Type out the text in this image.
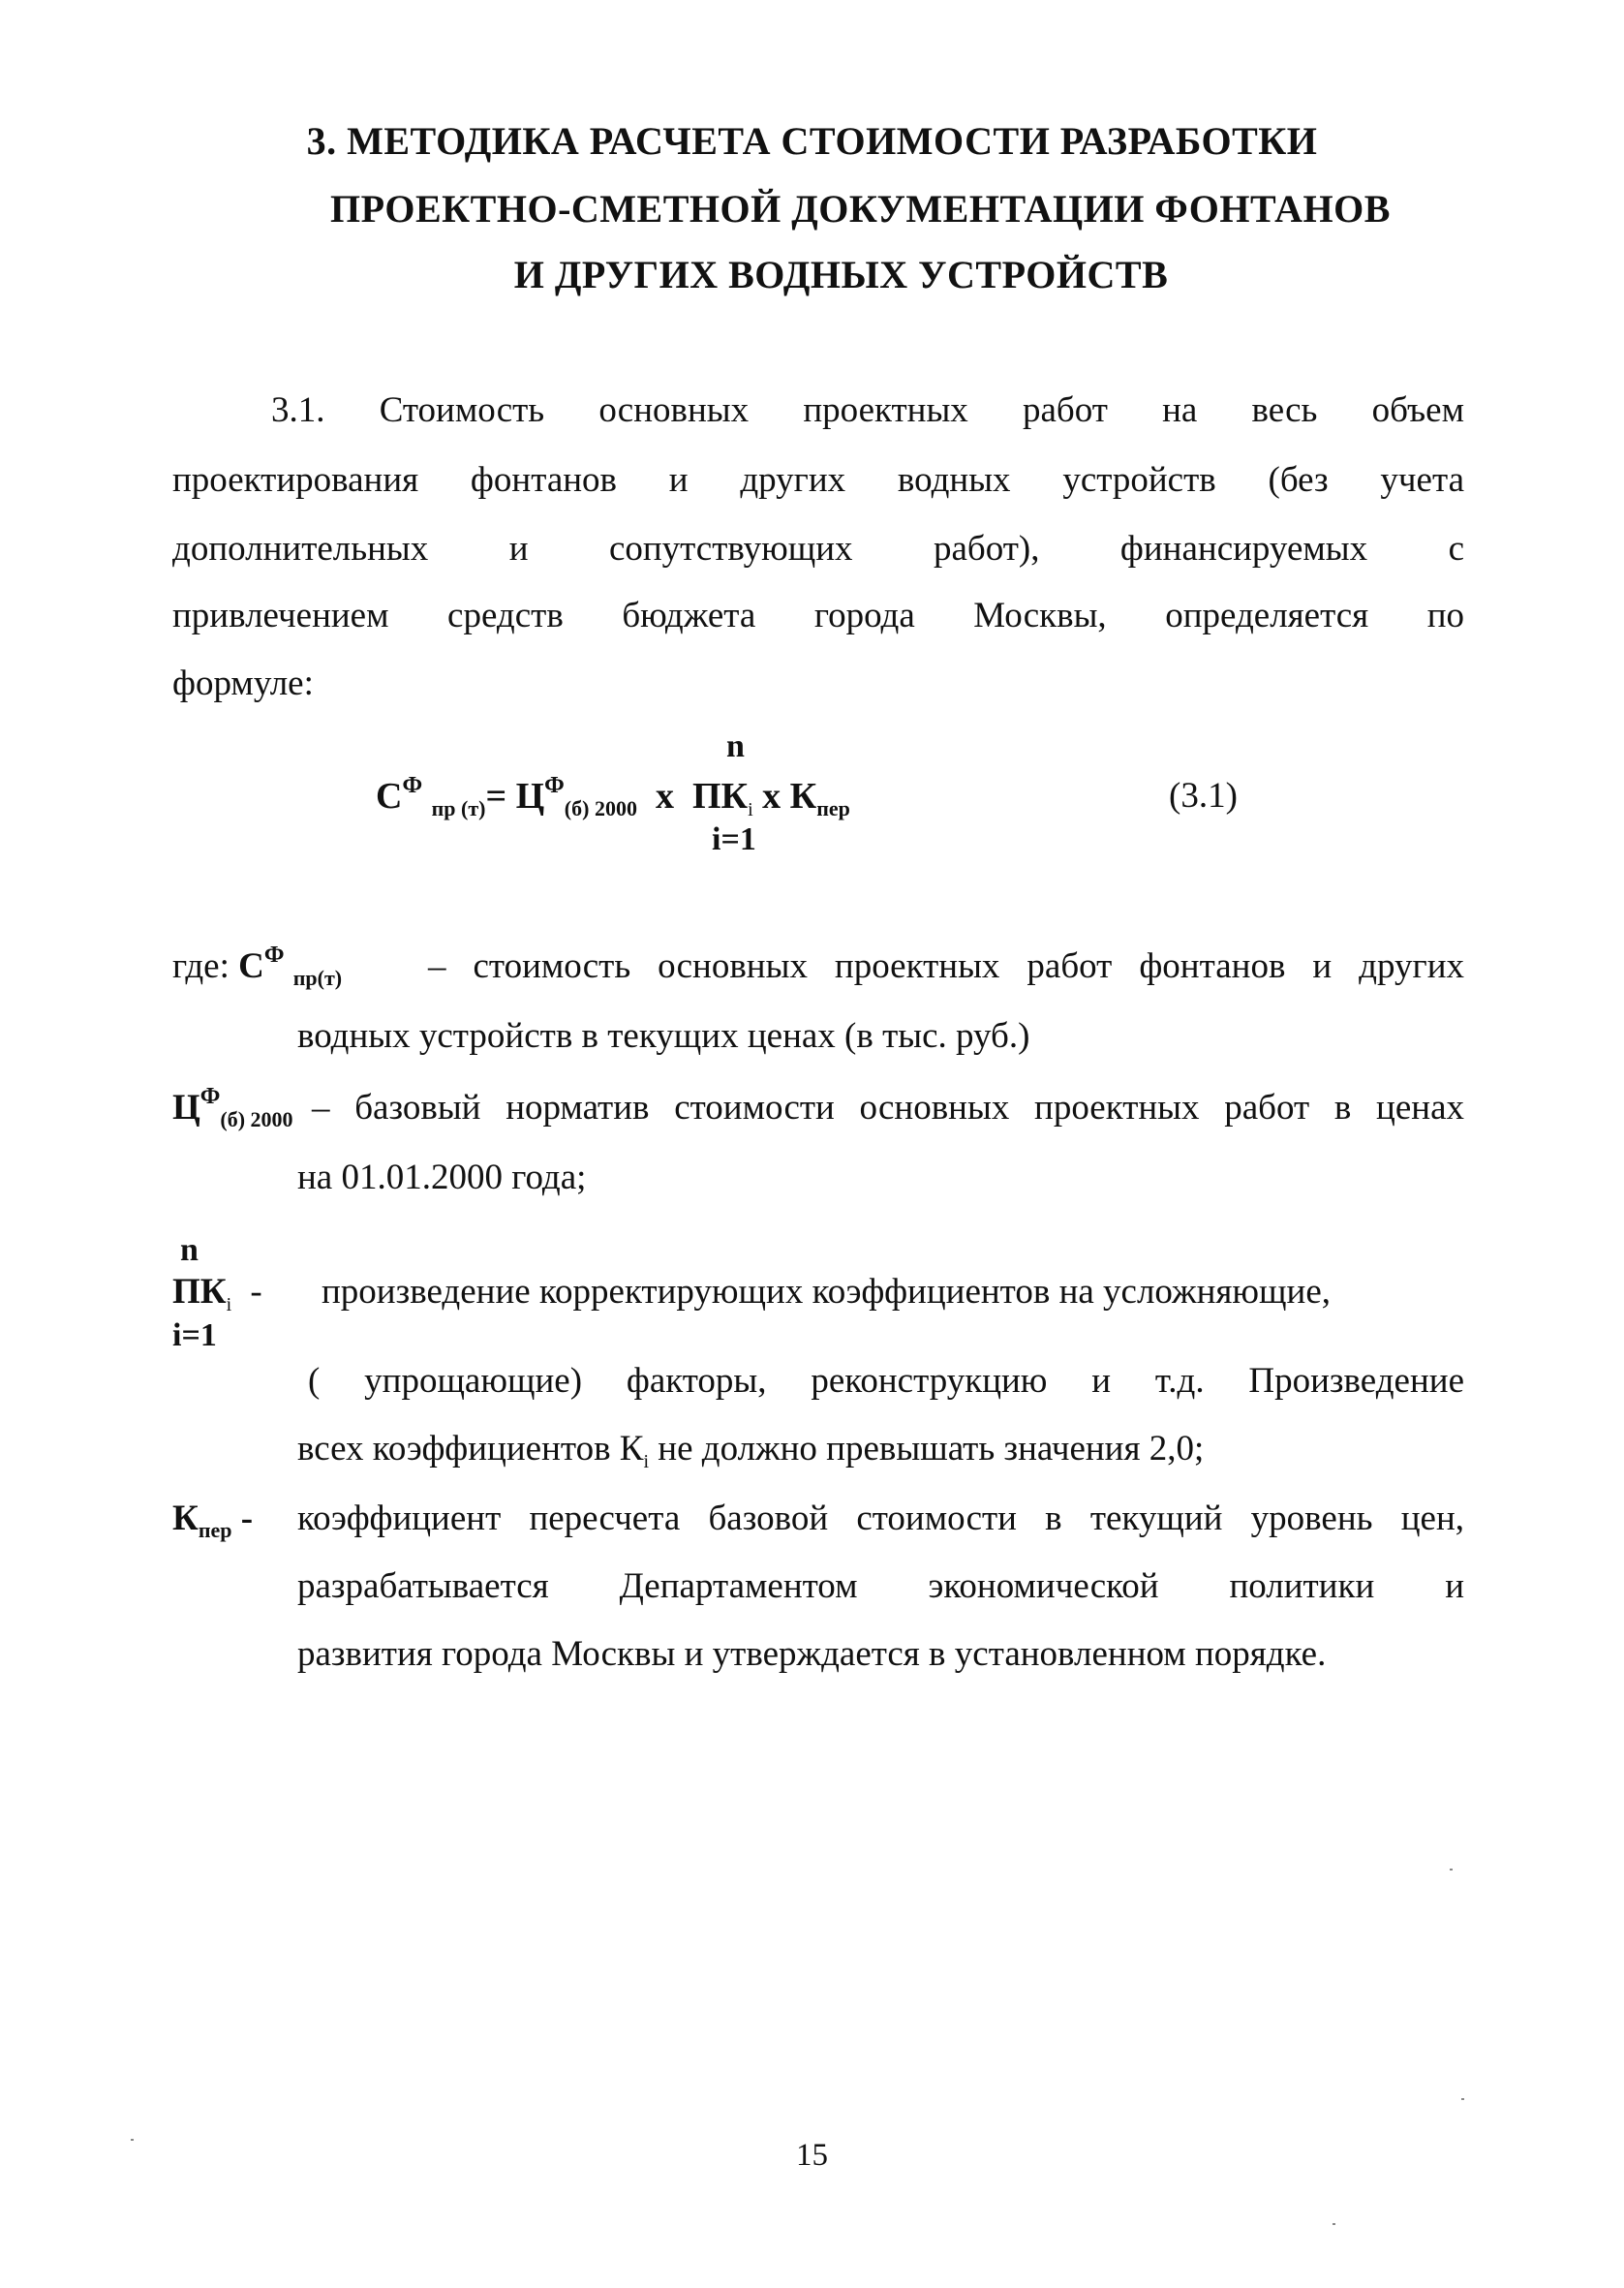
3. МЕТОДИКА РАСЧЕТА СТОИМОСТИ РАЗРАБОТКИ
ПРОЕКТНО-СМЕТНОЙ ДОКУМЕНТАЦИИ ФОНТАНОВ
И ДРУГИХ ВОДНЫХ УСТРОЙСТВ
3.1. Стоимость основных проектных работ на весь объем
проектирования фонтанов и других водных устройств (без учета
дополнительных и сопутствующих работ), финансируемых с
привлечением средств бюджета города Москвы, определяется по
формуле:
$С^Ф$ $_{пр (т)}= Ц^Ф_{(б) 2000}$ x $ПК_i$ x $К_{пер}$
n
i=1
(3.1)
где: $С^Ф$ $_{пр(т)}$ – стоимость основных проектных работ фонтанов и других
водных устройств в текущих ценах (в тыс. руб.)
$Ц^Ф_{(б) 2000}$ – базовый норматив стоимости основных проектных работ в ценах
на 01.01.2000 года;
n
$ПК_i$ -
i=1
произведение корректирующих коэффициентов на усложняющие,
( упрощающие) факторы, реконструкцию и т.д. Произведение
всех коэффициентов $К_i$ не должно превышать значения 2,0;
$К_{пер}$ - коэффициент пересчета базовой стоимости в текущий уровень цен,
разрабатывается Департаментом экономической политики и
развития города Москвы и утверждается в установленном порядке.
15
